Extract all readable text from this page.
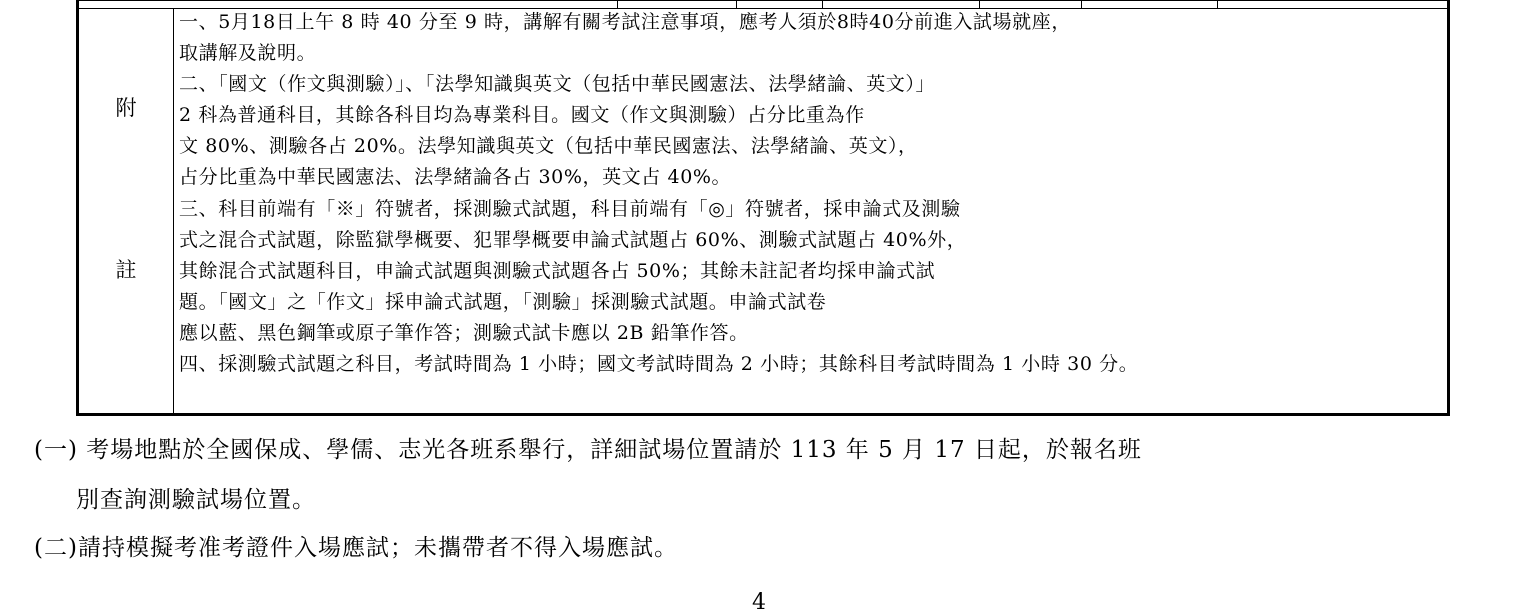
附
註
一、5月18日上午 8 時 40 分至 9 時，講解有關考試注意事項，應考人須於8時40分前進入試場就座，
取講解及說明。
二、「國文（作文與測驗）」、「法學知識與英文（包括中華民國憲法、法學緒論、英文）」
2 科為普通科目，其餘各科目均為專業科目。國文（作文與測驗）占分比重為作
文 80%、測驗各占 20%。法學知識與英文（包括中華民國憲法、法學緒論、英文），
占分比重為中華民國憲法、法學緒論各占 30%，英文占 40%。
三、科目前端有「※」符號者，採測驗式試題，科目前端有「◎」符號者，採申論式及測驗
式之混合式試題，除監獄學概要、犯罪學概要申論式試題占 60%、測驗式試題占 40%外，
其餘混合式試題科目，申論式試題與測驗式試題各占 50%；其餘未註記者均採申論式試
題。「國文」之「作文」採申論式試題，「測驗」採測驗式試題。申論式試卷
應以藍、黑色鋼筆或原子筆作答；測驗式試卡應以 2B 鉛筆作答。
四、採測驗式試題之科目，考試時間為 1 小時；國文考試時間為 2 小時；其餘科目考試時間為 1 小時 30 分。
(一) 考場地點於全國保成、學儒、志光各班系舉行，詳細試場位置請於 113 年 5 月 17 日起，於報名班
別查詢測驗試場位置。
(二)請持模擬考准考證件入場應試；未攜帶者不得入場應試。
4
